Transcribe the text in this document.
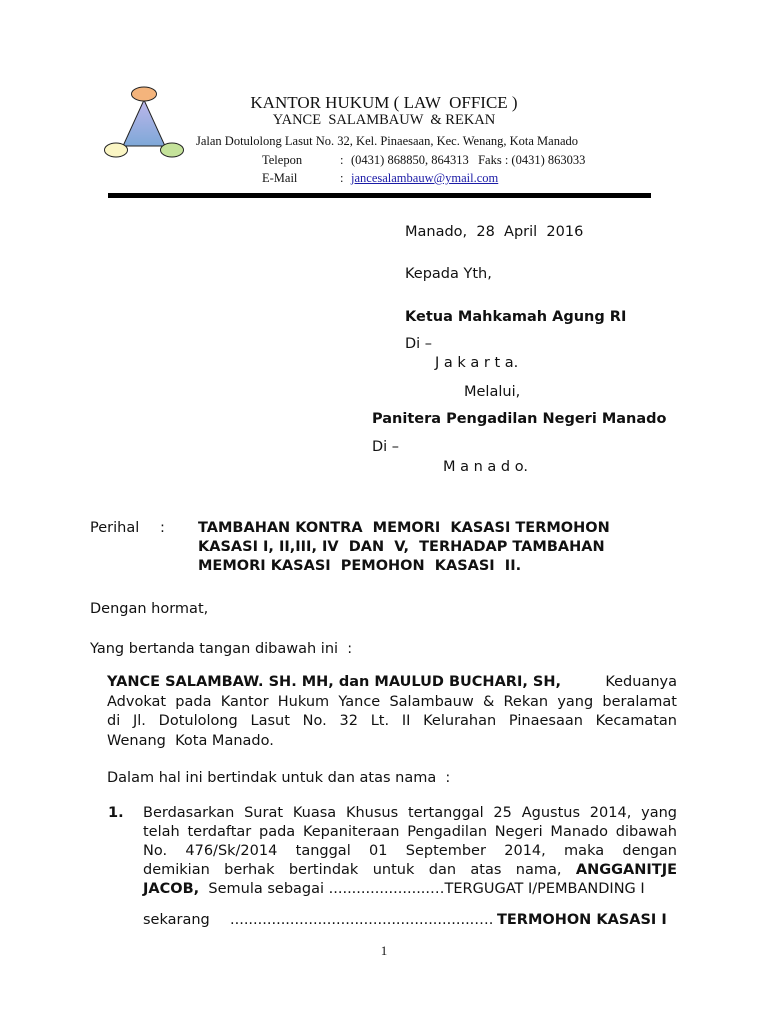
KANTOR HUKUM ( LAW  OFFICE )
YANCE  SALAMBAUW  & REKAN
Jalan Dotulolong Lasut No. 32, Kel. Pinaesaan, Kec. Wenang, Kota Manado
Telepon	: (0431) 868850, 864313   Faks : (0431) 863033
E-Mail	: jancesalambauw@ymail.com
Manado,  28  April  2016
Kepada Yth,
Ketua Mahkamah Agung RI
Di –
J a k a r t a.
Melalui,
Panitera Pengadilan Negeri Manado
Di –
M a n a d o.
Perihal : TAMBAHAN KONTRA  MEMORI  KASASI TERMOHON
KASASI I, II,III, IV  DAN  V,  TERHADAP TAMBAHAN
MEMORI KASASI  PEMOHON  KASASI  II.
Dengan hormat,
Yang bertanda tangan dibawah ini  :
YANCE SALAMBAW. SH. MH, dan MAULUD BUCHARI, SH,	Keduanya
Advokat pada Kantor Hukum Yance Salambauw & Rekan yang beralamat
di Jl. Dotulolong Lasut No. 32 Lt. II Kelurahan Pinaesaan Kecamatan
Wenang  Kota Manado.
Dalam hal ini bertindak untuk dan atas nama  :
1. Berdasarkan Surat Kuasa Khusus tertanggal 25 Agustus 2014, yang
telah terdaftar pada Kepaniteraan Pengadilan Negeri Manado dibawah
No. 476/Sk/2014 tanggal 01 September 2014, maka dengan
demikian berhak bertindak untuk dan atas nama, ANGGANITJE
JACOB,  Semula sebagai ......................…TERGUGAT I/PEMBANDING I
sekarang .....................................................…. TERMOHON KASASI I
1
